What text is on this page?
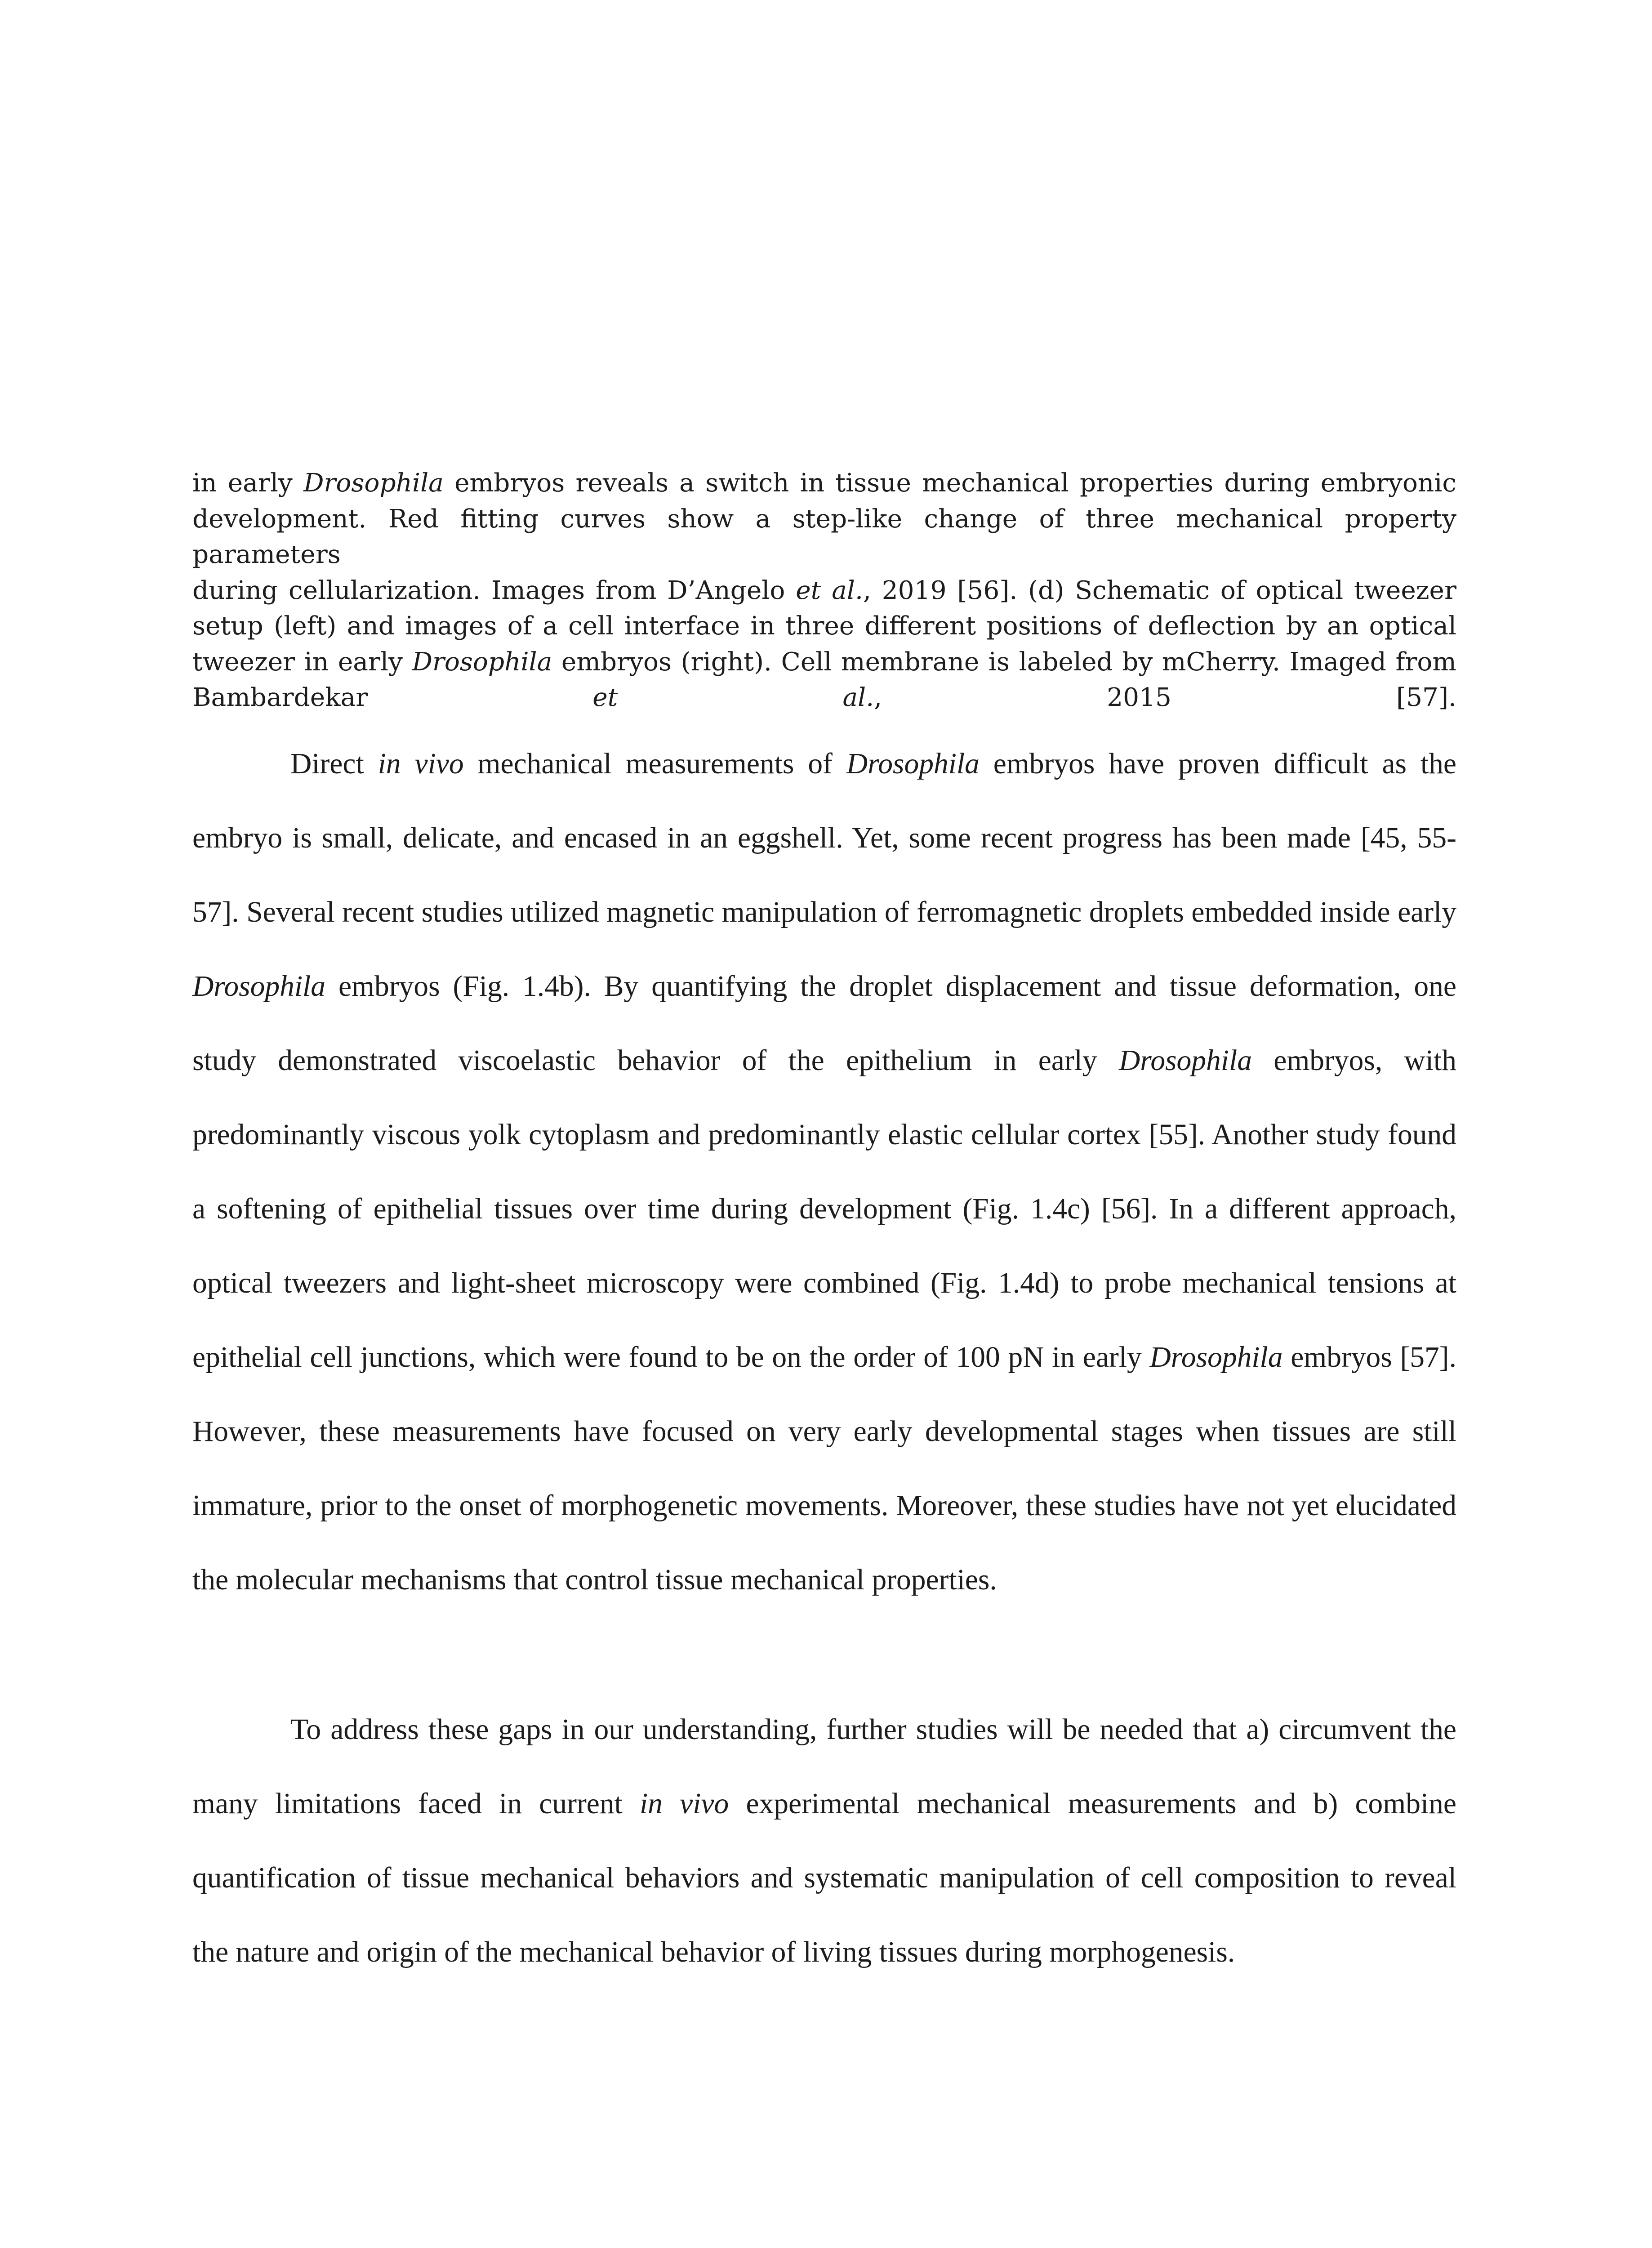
in early Drosophila embryos reveals a switch in tissue mechanical properties during embryonic
development. Red fitting curves show a step-like change of three mechanical property parameters
during cellularization. Images from D’Angelo et al., 2019 [56]. (d) Schematic of optical tweezer
setup (left) and images of a cell interface in three different positions of deflection by an optical
tweezer in early Drosophila embryos (right). Cell membrane is labeled by mCherry. Imaged from
Bambardekar et al., 2015 [57].

Direct in vivo mechanical measurements of Drosophila embryos have proven difficult as the embryo is small, delicate, and encased in an eggshell. Yet, some recent progress has been made [45, 55-57]. Several recent studies utilized magnetic manipulation of ferromagnetic droplets embedded inside early Drosophila embryos (Fig. 1.4b). By quantifying the droplet displacement and tissue deformation, one study demonstrated viscoelastic behavior of the epithelium in early Drosophila embryos, with predominantly viscous yolk cytoplasm and predominantly elastic cellular cortex [55]. Another study found a softening of epithelial tissues over time during development (Fig. 1.4c) [56]. In a different approach, optical tweezers and light-sheet microscopy were combined (Fig. 1.4d) to probe mechanical tensions at epithelial cell junctions, which were found to be on the order of 100 pN in early Drosophila embryos [57]. However, these measurements have focused on very early developmental stages when tissues are still immature, prior to the onset of morphogenetic movements. Moreover, these studies have not yet elucidated the molecular mechanisms that control tissue mechanical properties.

To address these gaps in our understanding, further studies will be needed that a) circumvent the many limitations faced in current in vivo experimental mechanical measurements and b) combine quantification of tissue mechanical behaviors and systematic manipulation of cell composition to reveal the nature and origin of the mechanical behavior of living tissues during morphogenesis.
